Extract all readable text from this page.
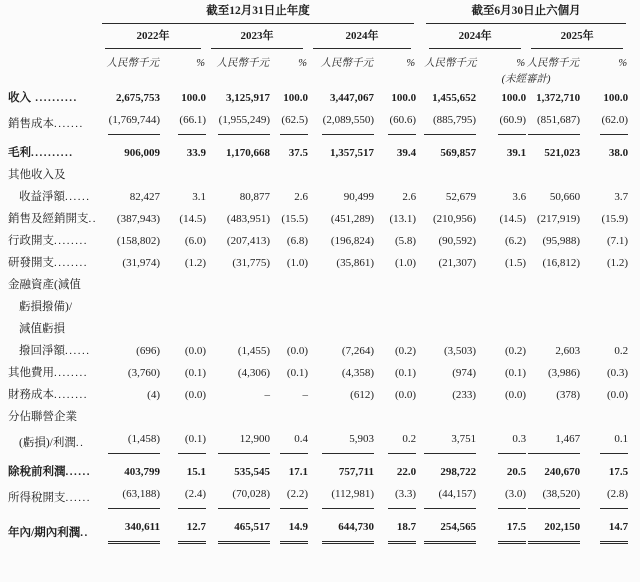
	截至12月31日止年度							截至6月30日止六個月			

	2022年		2023年		2024年			2024年		2025年	

	人民幣千元	%	人民幣千元	%	人民幣千元	%		人民幣千元	%	人民幣千元	%
								(未經審計)			
收入 ..........	2,675,753	100.0	3,125,917	100.0	3,447,067	100.0		1,455,652	100.0	1,372,710	100.0
銷售成本.......	(1,769,744)	(66.1)	(1,955,249)	(62.5)	(2,089,550)	(60.6)		(885,795)	(60.9)	(851,687)	(62.0)
毛利..........	906,009	33.9	1,170,668	37.5	1,357,517	39.4		569,857	39.1	521,023	38.0
其他收入及											
收益淨額......	82,427	3.1	80,877	2.6	90,499	2.6		52,679	3.6	50,660	3.7
銷售及經銷開支..	(387,943)	(14.5)	(483,951)	(15.5)	(451,289)	(13.1)		(210,956)	(14.5)	(217,919)	(15.9)
行政開支........	(158,802)	(6.0)	(207,413)	(6.8)	(196,824)	(5.8)		(90,592)	(6.2)	(95,988)	(7.1)
研發開支........	(31,974)	(1.2)	(31,775)	(1.0)	(35,861)	(1.0)		(21,307)	(1.5)	(16,812)	(1.2)
金融資產(減值											
虧損撥備)/											
減值虧損											
撥回淨額......	(696)	(0.0)	(1,455)	(0.0)	(7,264)	(0.2)		(3,503)	(0.2)	2,603	0.2
其他費用........	(3,760)	(0.1)	(4,306)	(0.1)	(4,358)	(0.1)		(974)	(0.1)	(3,986)	(0.3)
財務成本........	(4)	(0.0)	–	–	(612)	(0.0)		(233)	(0.0)	(378)	(0.0)
分佔聯營企業											
(虧損)/利潤..	(1,458)	(0.1)	12,900	0.4	5,903	0.2		3,751	0.3	1,467	0.1
除稅前利潤......	403,799	15.1	535,545	17.1	757,711	22.0		298,722	20.5	240,670	17.5
所得稅開支......	(63,188)	(2.4)	(70,028)	(2.2)	(112,981)	(3.3)		(44,157)	(3.0)	(38,520)	(2.8)
年內/期內利潤..	340,611	12.7	465,517	14.9	644,730	18.7		254,565	17.5	202,150	14.7
